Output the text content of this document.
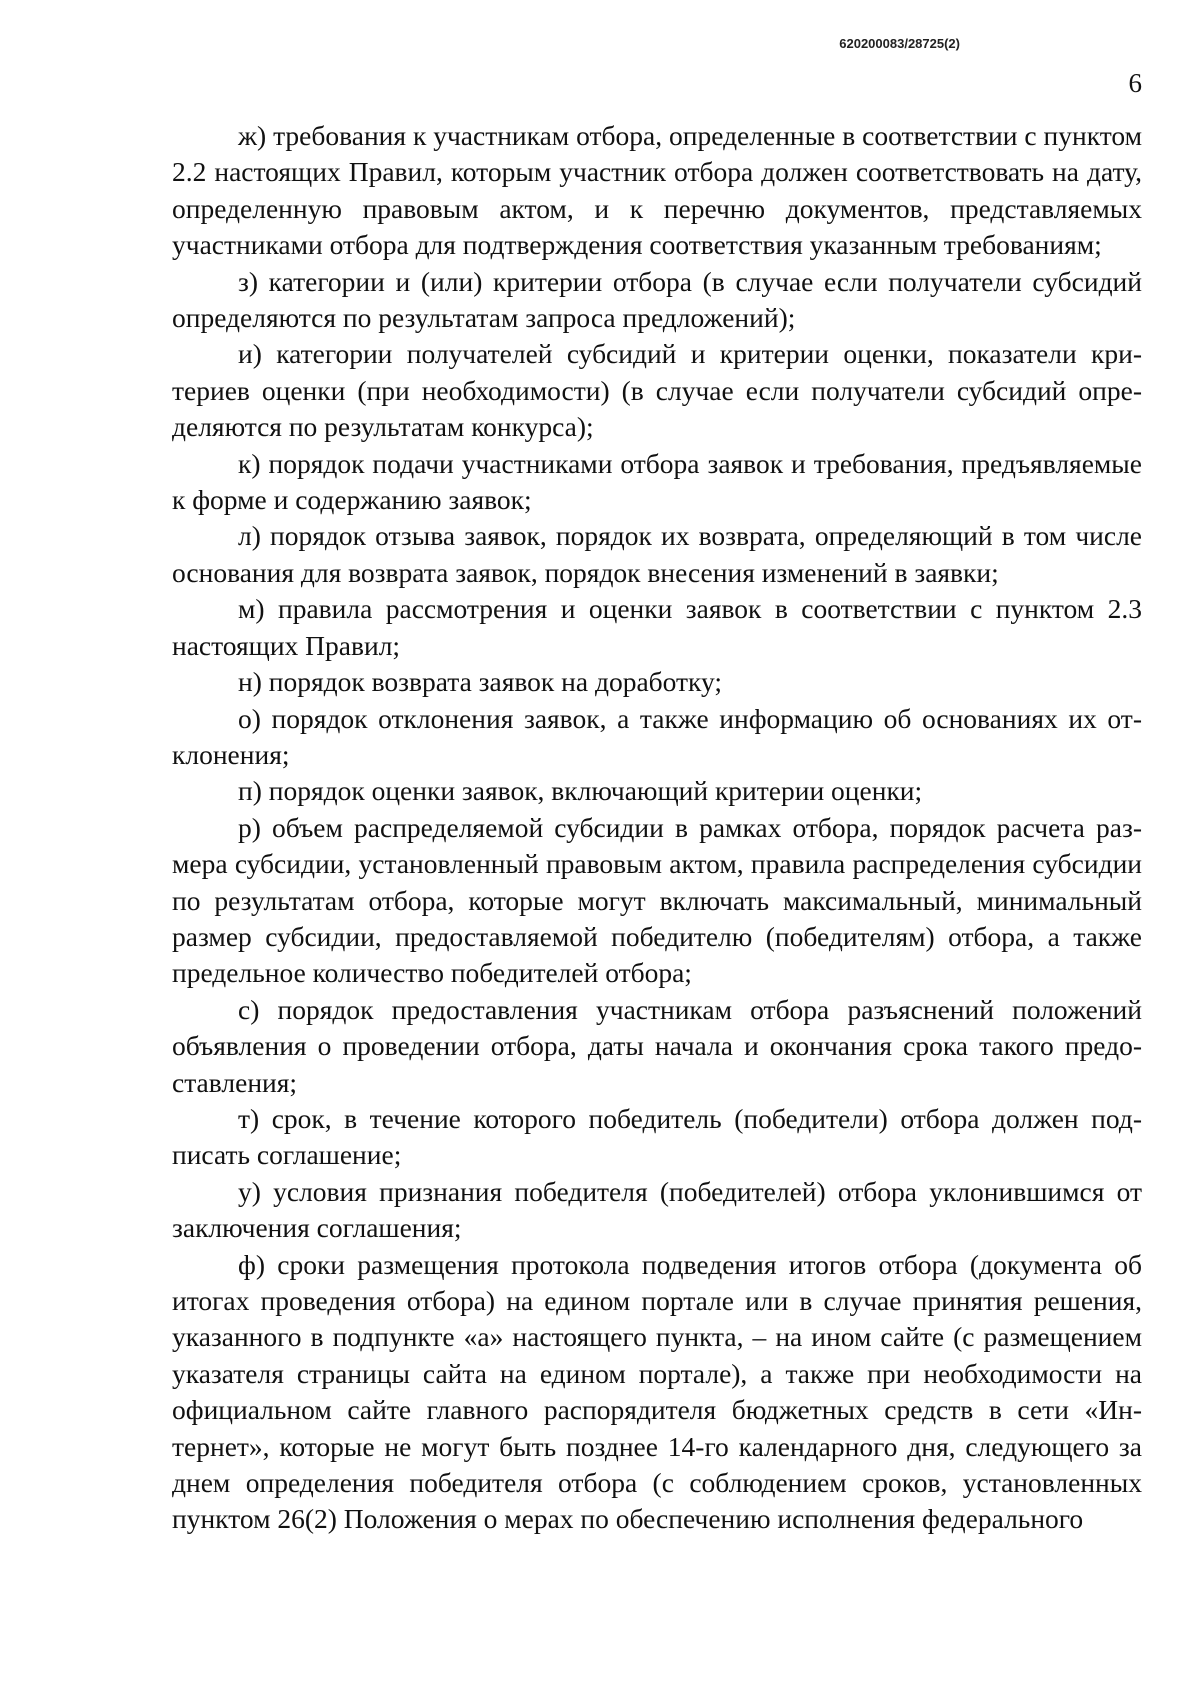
620200083/28725(2)
6

ж) требования к участникам отбора, определенные в соответствии с пунктом 2.2 настоящих Правил, которым участник отбора должен соответствовать на дату, определенную правовым актом, и к перечню документов, представляемых участниками отбора для подтверждения соответствия указанным требованиям;

з) категории и (или) критерии отбора (в случае если получатели субсидий определяются по результатам запроса предложений);

и) категории получателей субсидий и критерии оценки, показатели критериев оценки (при необходимости) (в случае если получатели субсидий определяются по результатам конкурса);

к) порядок подачи участниками отбора заявок и требования, предъявляемые к форме и содержанию заявок;

л) порядок отзыва заявок, порядок их возврата, определяющий в том числе основания для возврата заявок, порядок внесения изменений в заявки;

м) правила рассмотрения и оценки заявок в соответствии с пунктом 2.3 настоящих Правил;

н) порядок возврата заявок на доработку;

о) порядок отклонения заявок, а также информацию об основаниях их отклонения;

п) порядок оценки заявок, включающий критерии оценки;

р) объем распределяемой субсидии в рамках отбора, порядок расчета размера субсидии, установленный правовым актом, правила распределения субсидии по результатам отбора, которые могут включать максимальный, минимальный размер субсидии, предоставляемой победителю (победителям) отбора, а также предельное количество победителей отбора;

с) порядок предоставления участникам отбора разъяснений положений объявления о проведении отбора, даты начала и окончания срока такого предоставления;

т) срок, в течение которого победитель (победители) отбора должен подписать соглашение;

у) условия признания победителя (победителей) отбора уклонившимся от заключения соглашения;

ф) сроки размещения протокола подведения итогов отбора (документа об итогах проведения отбора) на едином портале или в случае принятия решения, указанного в подпункте «а» настоящего пункта, – на ином сайте (с размещением указателя страницы сайта на едином портале), а также при необходимости на официальном сайте главного распорядителя бюджетных средств в сети «Интернет», которые не могут быть позднее 14-го календарного дня, следующего за днем определения победителя отбора (с соблюдением сроков, установленных пунктом 26(2) Положения о мерах по обеспечению исполнения федерального
